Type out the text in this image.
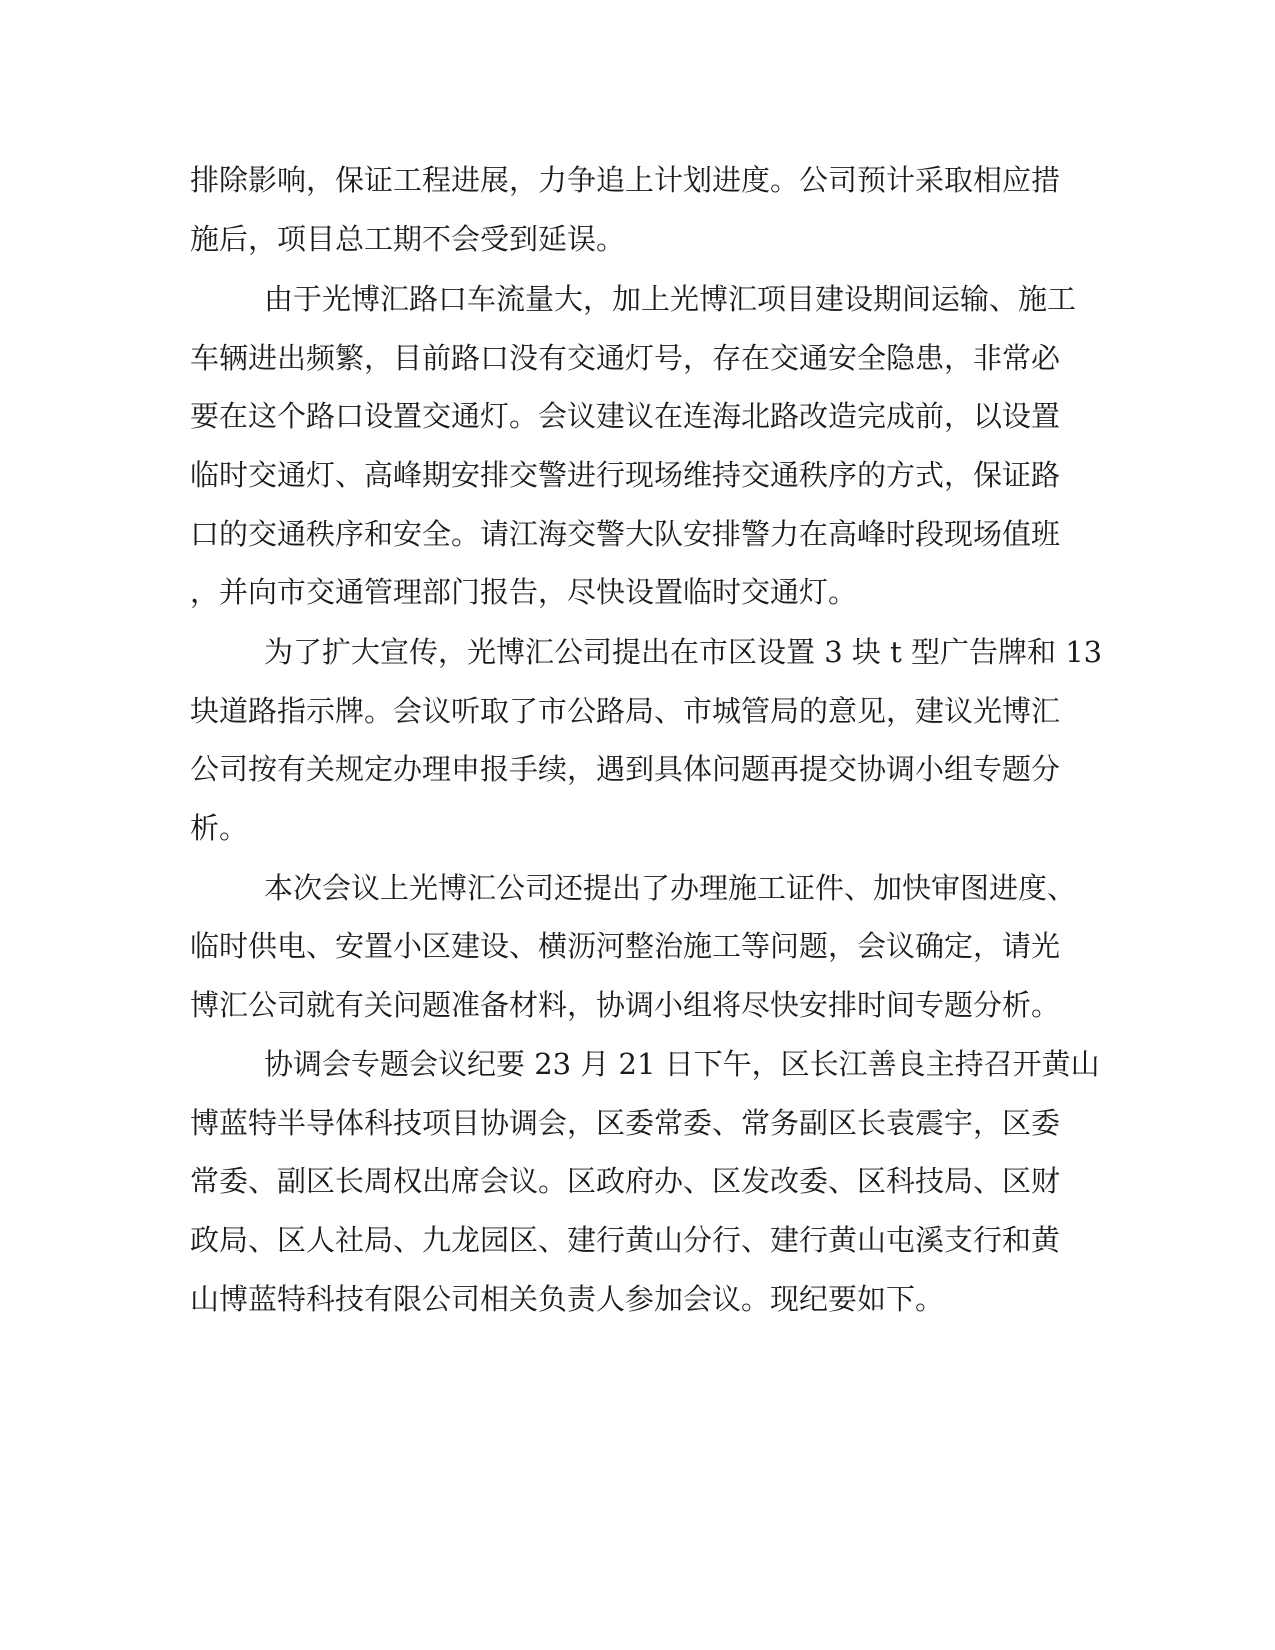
排除影响，保证工程进展，力争追上计划进度。公司预计采取相应措
施后，项目总工期不会受到延误。
由于光博汇路口车流量大，加上光博汇项目建设期间运输、施工
车辆进出频繁，目前路口没有交通灯号，存在交通安全隐患，非常必
要在这个路口设置交通灯。会议建议在连海北路改造完成前，以设置
临时交通灯、高峰期安排交警进行现场维持交通秩序的方式，保证路
口的交通秩序和安全。请江海交警大队安排警力在高峰时段现场值班
，并向市交通管理部门报告，尽快设置临时交通灯。
为了扩大宣传，光博汇公司提出在市区设置 3 块 t 型广告牌和 13
块道路指示牌。会议听取了市公路局、市城管局的意见，建议光博汇
公司按有关规定办理申报手续，遇到具体问题再提交协调小组专题分
析。
本次会议上光博汇公司还提出了办理施工证件、加快审图进度、
临时供电、安置小区建设、横沥河整治施工等问题，会议确定，请光
博汇公司就有关问题准备材料，协调小组将尽快安排时间专题分析。
协调会专题会议纪要 23 月 21 日下午，区长江善良主持召开黄山
博蓝特半导体科技项目协调会，区委常委、常务副区长袁震宇，区委
常委、副区长周权出席会议。区政府办、区发改委、区科技局、区财
政局、区人社局、九龙园区、建行黄山分行、建行黄山屯溪支行和黄
山博蓝特科技有限公司相关负责人参加会议。现纪要如下。
